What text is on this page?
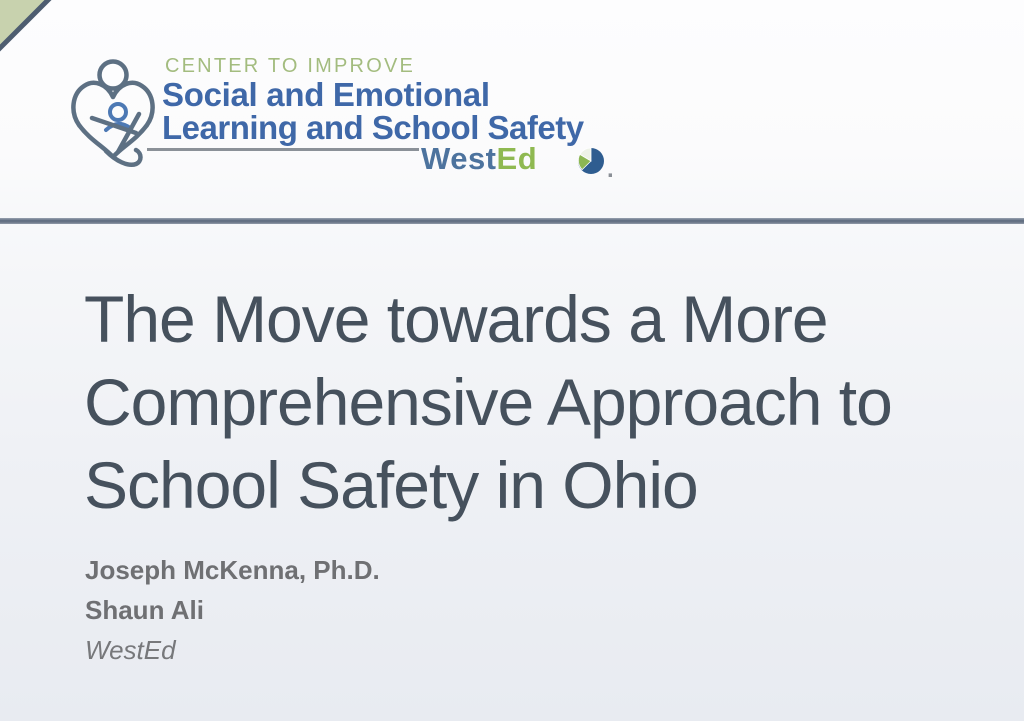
CENTER TO IMPROVE
Social and Emotional
Learning and School Safety
WestEd	.
The Move towards a More
Comprehensive Approach to
School Safety in Ohio
Joseph McKenna, Ph.D.
Shaun Ali
WestEd
